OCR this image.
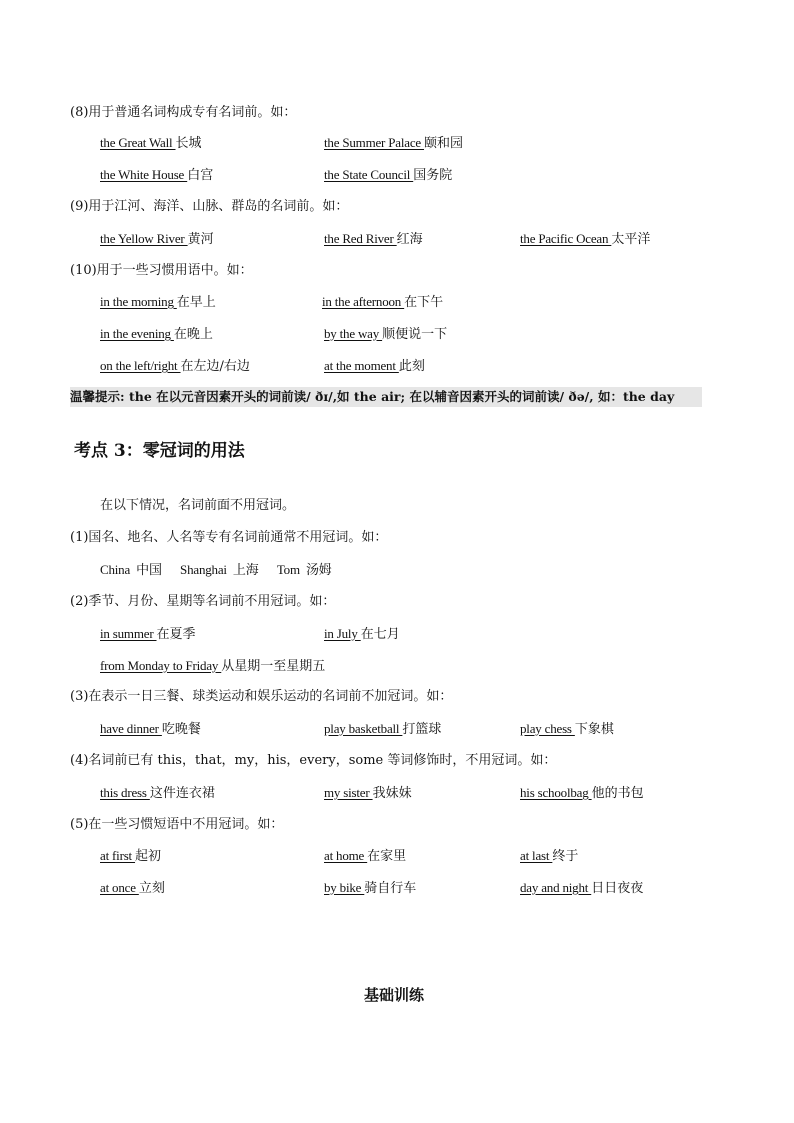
(8)用于普通名词构成专有名词前。如：
the Great Wall 长城	the Summer Palace 颐和园
the White House 白宫	the State Council 国务院
(9)用于江河、海洋、山脉、群岛的名词前。如：
the Yellow River 黄河	the Red River 红海	the Pacific Ocean 太平洋
(10)用于一些习惯用语中。如：
in the morning 在早上	in the afternoon 在下午
in the evening 在晚上	by the way 顺便说一下
on the left/right 在左边/右边	at the moment 此刻
温馨提示: the 在以元音因素开头的词前读/ ðɪ/,如 the air; 在以辅音因素开头的词前读/ ðə/, 如：the day
考点 3：零冠词的用法
在以下情况，名词前面不用冠词。
(1)国名、地名、人名等专有名词前通常不用冠词。如：
China  中国      Shanghai  上海      Tom  汤姆
(2)季节、月份、星期等名词前不用冠词。如：
in summer 在夏季	in July 在七月
from Monday to Friday 从星期一至星期五
(3)在表示一日三餐、球类运动和娱乐运动的名词前不加冠词。如：
have dinner 吃晚餐	play basketball 打篮球	play chess 下象棋
(4)名词前已有 this，that，my，his，every，some 等词修饰时，不用冠词。如：
this dress 这件连衣裙	my sister 我妹妹	his schoolbag 他的书包
(5)在一些习惯短语中不用冠词。如：
at first 起初	at home 在家里	at last 终于
at once 立刻	by bike 骑自行车	day and night 日日夜夜
基础训练
